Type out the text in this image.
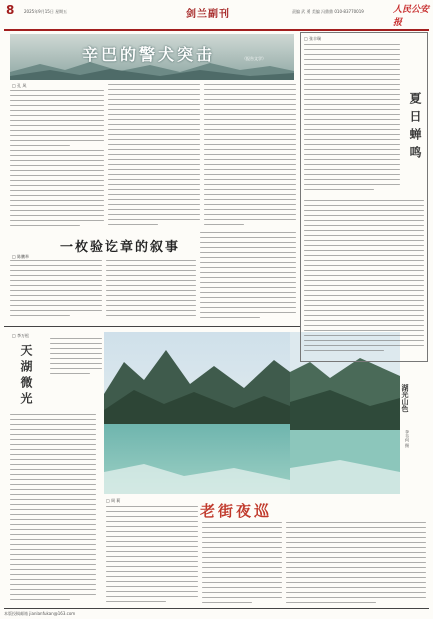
8 2025年9月15日 星期五	剑兰副刊	责编 武 勇 美编 冯鼎鼎 010-83770019	人民公安报
辛巴的警犬突击	（报告文学）
□ 孔 风
一枚验讫章的叙事
□ 陈鹏举
□ 李万松
天湖微光	湖光山色
李韦何 摄
□ 张丰瑞
夏日蝉鸣
老街夜巡
□ 周 莉
本版投稿邮箱 jianlanfukan@163.com
